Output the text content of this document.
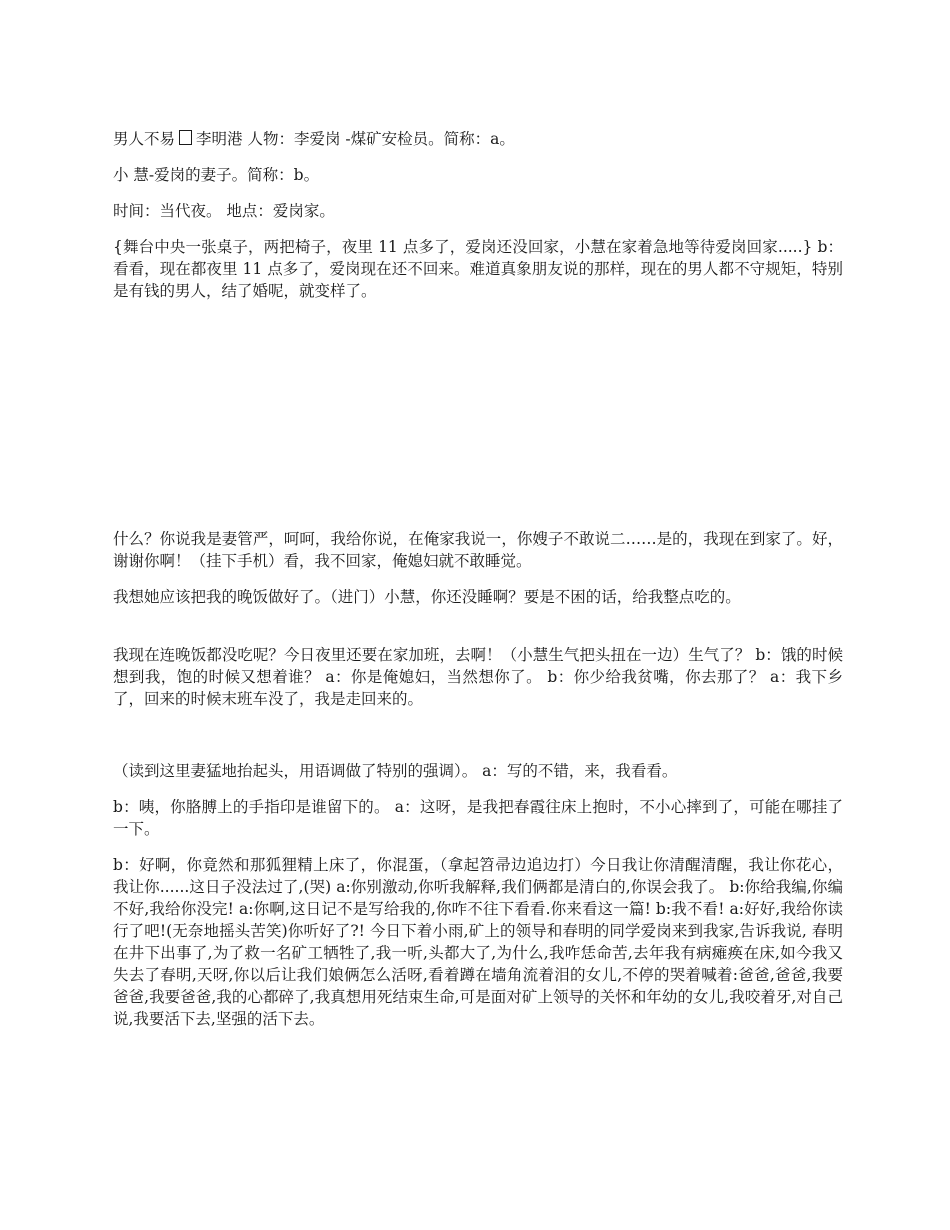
男人不易 李明港 人物：李爱岗 -煤矿安检员。简称：a。

小 慧-爱岗的妻子。简称：b。

时间：当代夜。 地点：爱岗家。

{舞台中央一张桌子，两把椅子，夜里 11 点多了，爱岗还没回家，小慧在家着急地等待爱岗回家.....} b：看看，现在都夜里 11 点多了，爱岗现在还不回来。难道真象朋友说的那样，现在的男人都不守规矩，特别是有钱的男人，结了婚呢，就变样了。

什么？你说我是妻管严，呵呵，我给你说，在俺家我说一，你嫂子不敢说二……是的，我现在到家了。好，谢谢你啊！（挂下手机）看，我不回家，俺媳妇就不敢睡觉。

我想她应该把我的晚饭做好了。（进门）小慧，你还没睡啊？要是不困的话，给我整点吃的。

我现在连晚饭都没吃呢？今日夜里还要在家加班，去啊！（小慧生气把头扭在一边）生气了？ b：饿的时候想到我，饱的时候又想着谁？ a：你是俺媳妇，当然想你了。 b：你少给我贫嘴，你去那了？ a：我下乡了，回来的时候末班车没了，我是走回来的。

（读到这里妻猛地抬起头，用语调做了特别的强调）。 a：写的不错，来，我看看。

b：咦，你胳膊上的手指印是谁留下的。 a：这呀，是我把春霞往床上抱时，不小心摔到了，可能在哪挂了一下。

b：好啊，你竟然和那狐狸精上床了，你混蛋，（拿起笤帚边追边打）今日我让你清醒清醒，我让你花心，我让你......这日子没法过了,(哭) a:你别激动,你听我解释,我们俩都是清白的,你误会我了。 b:你给我编,你编不好,我给你没完! a:你啊,这日记不是写给我的,你咋不往下看看.你来看这一篇! b:我不看! a:好好,我给你读行了吧!(无奈地摇头苦笑)你听好了?! 今日下着小雨,矿上的领导和春明的同学爱岗来到我家,告诉我说, 春明在井下出事了,为了救一名矿工牺牲了,我一听,头都大了,为什么,我咋恁命苦,去年我有病瘫痪在床,如今我又失去了春明,天呀,你以后让我们娘俩怎么活呀,看着蹲在墙角流着泪的女儿,不停的哭着喊着:爸爸,爸爸,我要爸爸,我要爸爸,我的心都碎了,我真想用死结束生命,可是面对矿上领导的关怀和年幼的女儿,我咬着牙,对自己说,我要活下去,坚强的活下去。
